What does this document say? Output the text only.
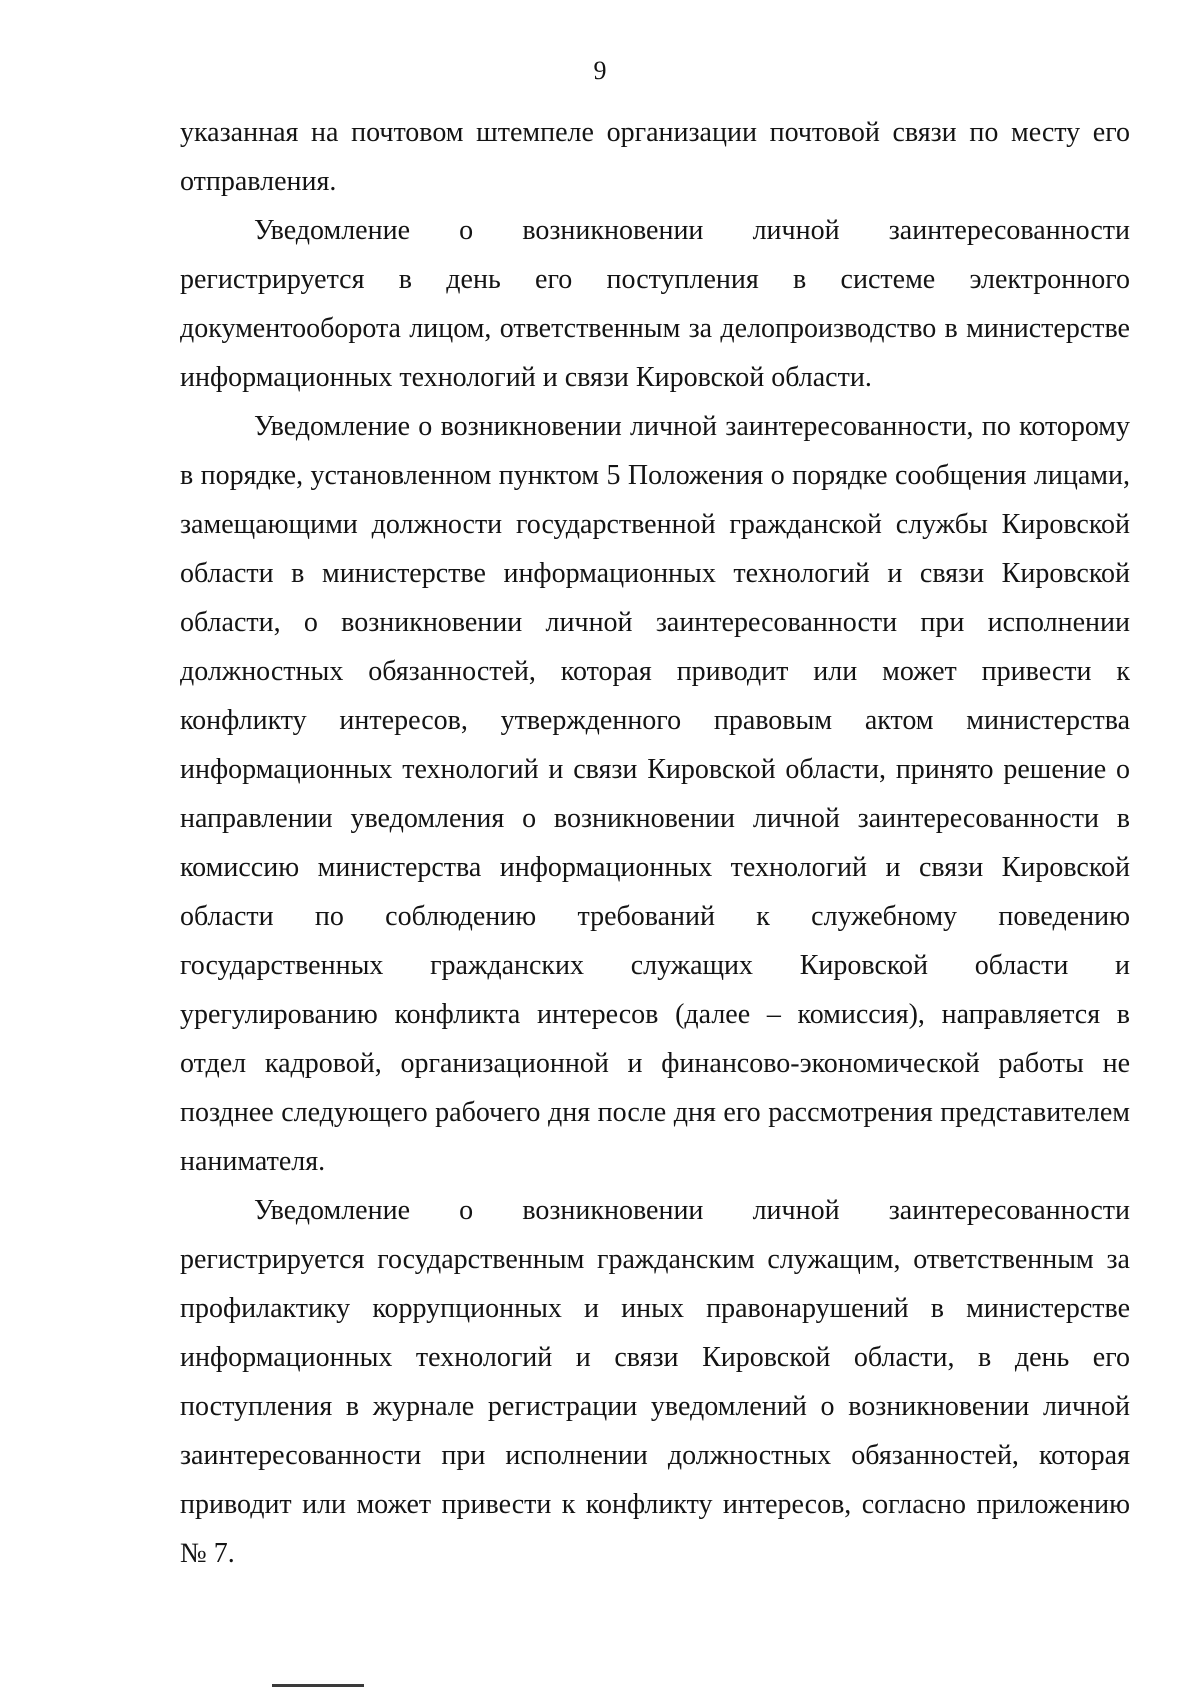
9

указанная на почтовом штемпеле организации почтовой связи по месту его отправления.

Уведомление о возникновении личной заинтересованности регистрируется в день его поступления в системе электронного документооборота лицом, ответственным за делопроизводство в министерстве информационных технологий и связи Кировской области.

Уведомление о возникновении личной заинтересованности, по которому в порядке, установленном пунктом 5 Положения о порядке сообщения лицами, замещающими должности государственной гражданской службы Кировской области в министерстве информационных технологий и связи Кировской области, о возникновении личной заинтересованности при исполнении должностных обязанностей, которая приводит или может привести к конфликту интересов, утвержденного правовым актом министерства информационных технологий и связи Кировской области, принято решение о направлении уведомления о возникновении личной заинтересованности в комиссию министерства информационных технологий и связи Кировской области по соблюдению требований к служебному поведению государственных гражданских служащих Кировской области и урегулированию конфликта интересов (далее – комиссия), направляется в отдел кадровой, организационной и финансово-экономической работы не позднее следующего рабочего дня после дня его рассмотрения представителем нанимателя.

Уведомление о возникновении личной заинтересованности регистрируется государственным гражданским служащим, ответственным за профилактику коррупционных и иных правонарушений в министерстве информационных технологий и связи Кировской области, в день его поступления в журнале регистрации уведомлений о возникновении личной заинтересованности при исполнении должностных обязанностей, которая приводит или может привести к конфликту интересов, согласно приложению № 7.
